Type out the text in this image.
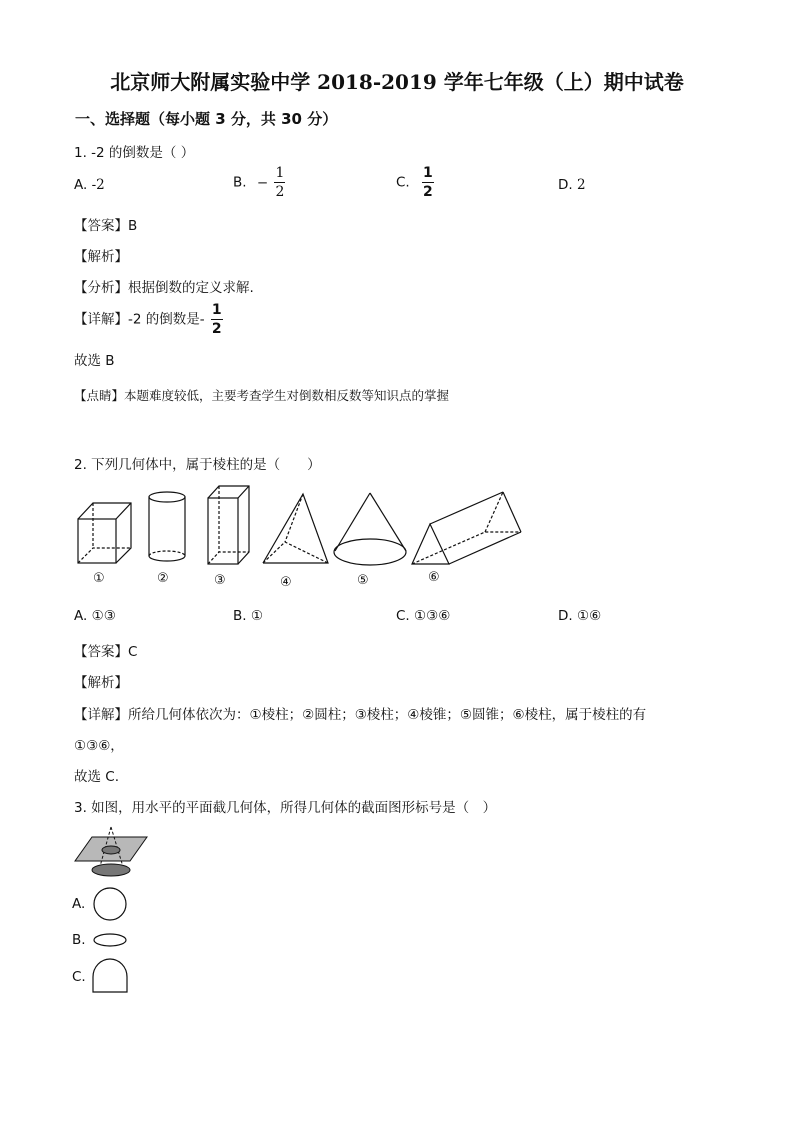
北京师大附属实验中学 2018-2019 学年七年级（上）期中试卷
一、选择题（每小题 3 分，共 30 分）
1. -2 的倒数是（ ）
A. -2	B. − $\frac{1}{2}$	C. $\frac{1}{2}$	D. 2
【答案】B
【解析】
【分析】根据倒数的定义求解.
【详解】-2 的倒数是- $\frac{1}{2}$
故选 B
【点睛】本题难度较低，主要考查学生对倒数相反数等知识点的掌握
2. 下列几何体中，属于棱柱的是（　　）
①	②	③	④	⑤	⑥
A. ①③	B. ①	C. ①③⑥	D. ①⑥
【答案】C
【解析】
【详解】所给几何体依次为：①棱柱；②圆柱；③棱柱；④棱锥；⑤圆锥；⑥棱柱，属于棱柱的有
①③⑥，
故选 C.
3. 如图，用水平的平面截几何体，所得几何体的截面图形标号是（　）
A.
B.
C.
